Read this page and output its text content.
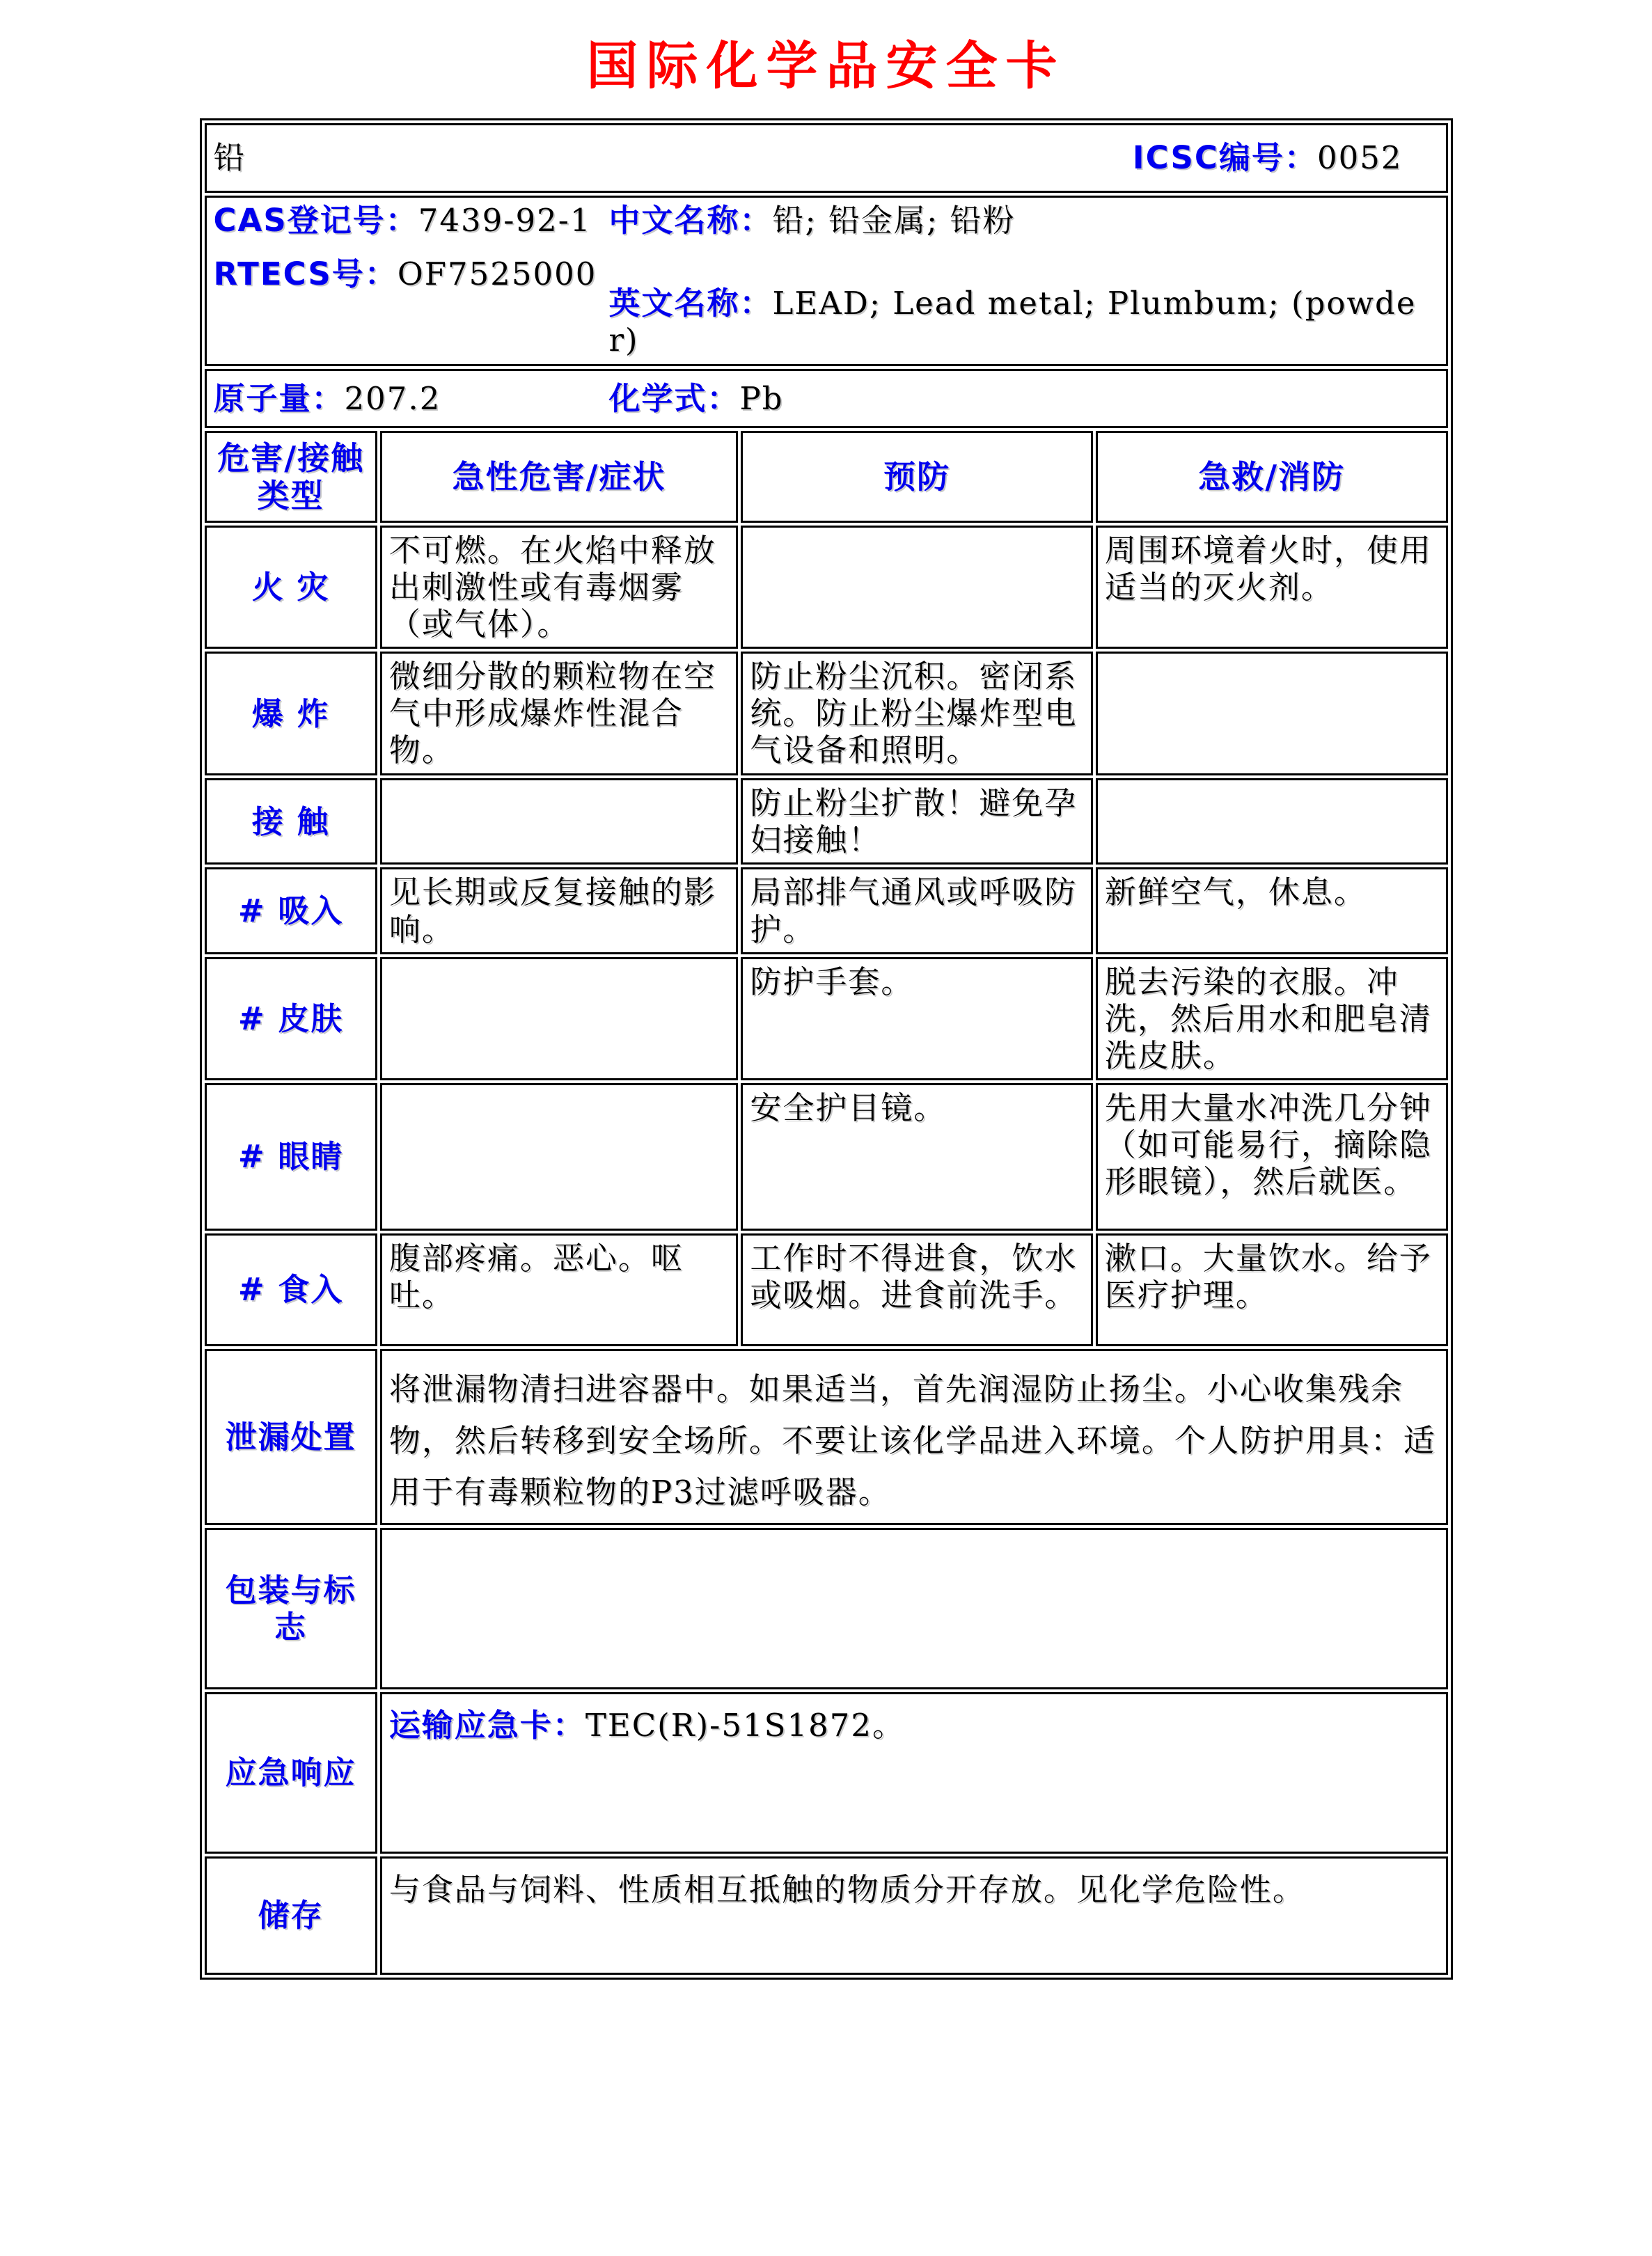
国际化学品安全卡
铅 ICSC编号：0052			

CAS登记号：7439-92-1
RTECS号：OF7525000
中文名称：铅; 铅金属; 铅粉
英文名称：LEAD; Lead metal; Plumbum; (powder)			

原子量：207.2 化学式：Pb			

危害/接触
类型	急性危害/症状	预防	急救/消防
火 灾	不可燃。在火焰中释放出刺激性或有毒烟雾（或气体）。		周围环境着火时，使用适当的灭火剂。
爆 炸	微细分散的颗粒物在空气中形成爆炸性混合物。	防止粉尘沉积。密闭系统。防止粉尘爆炸型电气设备和照明。	
接 触		防止粉尘扩散！避免孕妇接触！	
# 吸入	见长期或反复接触的影响。	局部排气通风或呼吸防护。	新鲜空气，休息。
# 皮肤		防护手套。	脱去污染的衣服。冲洗，然后用水和肥皂清洗皮肤。
# 眼睛		安全护目镜。	先用大量水冲洗几分钟（如可能易行，摘除隐形眼镜），然后就医。
# 食入	腹部疼痛。恶心。呕吐。	工作时不得进食，饮水或吸烟。进食前洗手。	漱口。大量饮水。给予医疗护理。
泄漏处置	将泄漏物清扫进容器中。如果适当，首先润湿防止扬尘。小心收集残余物，然后转移到安全场所。不要让该化学品进入环境。个人防护用具：适用于有毒颗粒物的P3过滤呼吸器。		
包装与标志			
应急响应	运输应急卡：TEC(R)-51S1872。		
储存	与食品与饲料、性质相互抵触的物质分开存放。见化学危险性。		
